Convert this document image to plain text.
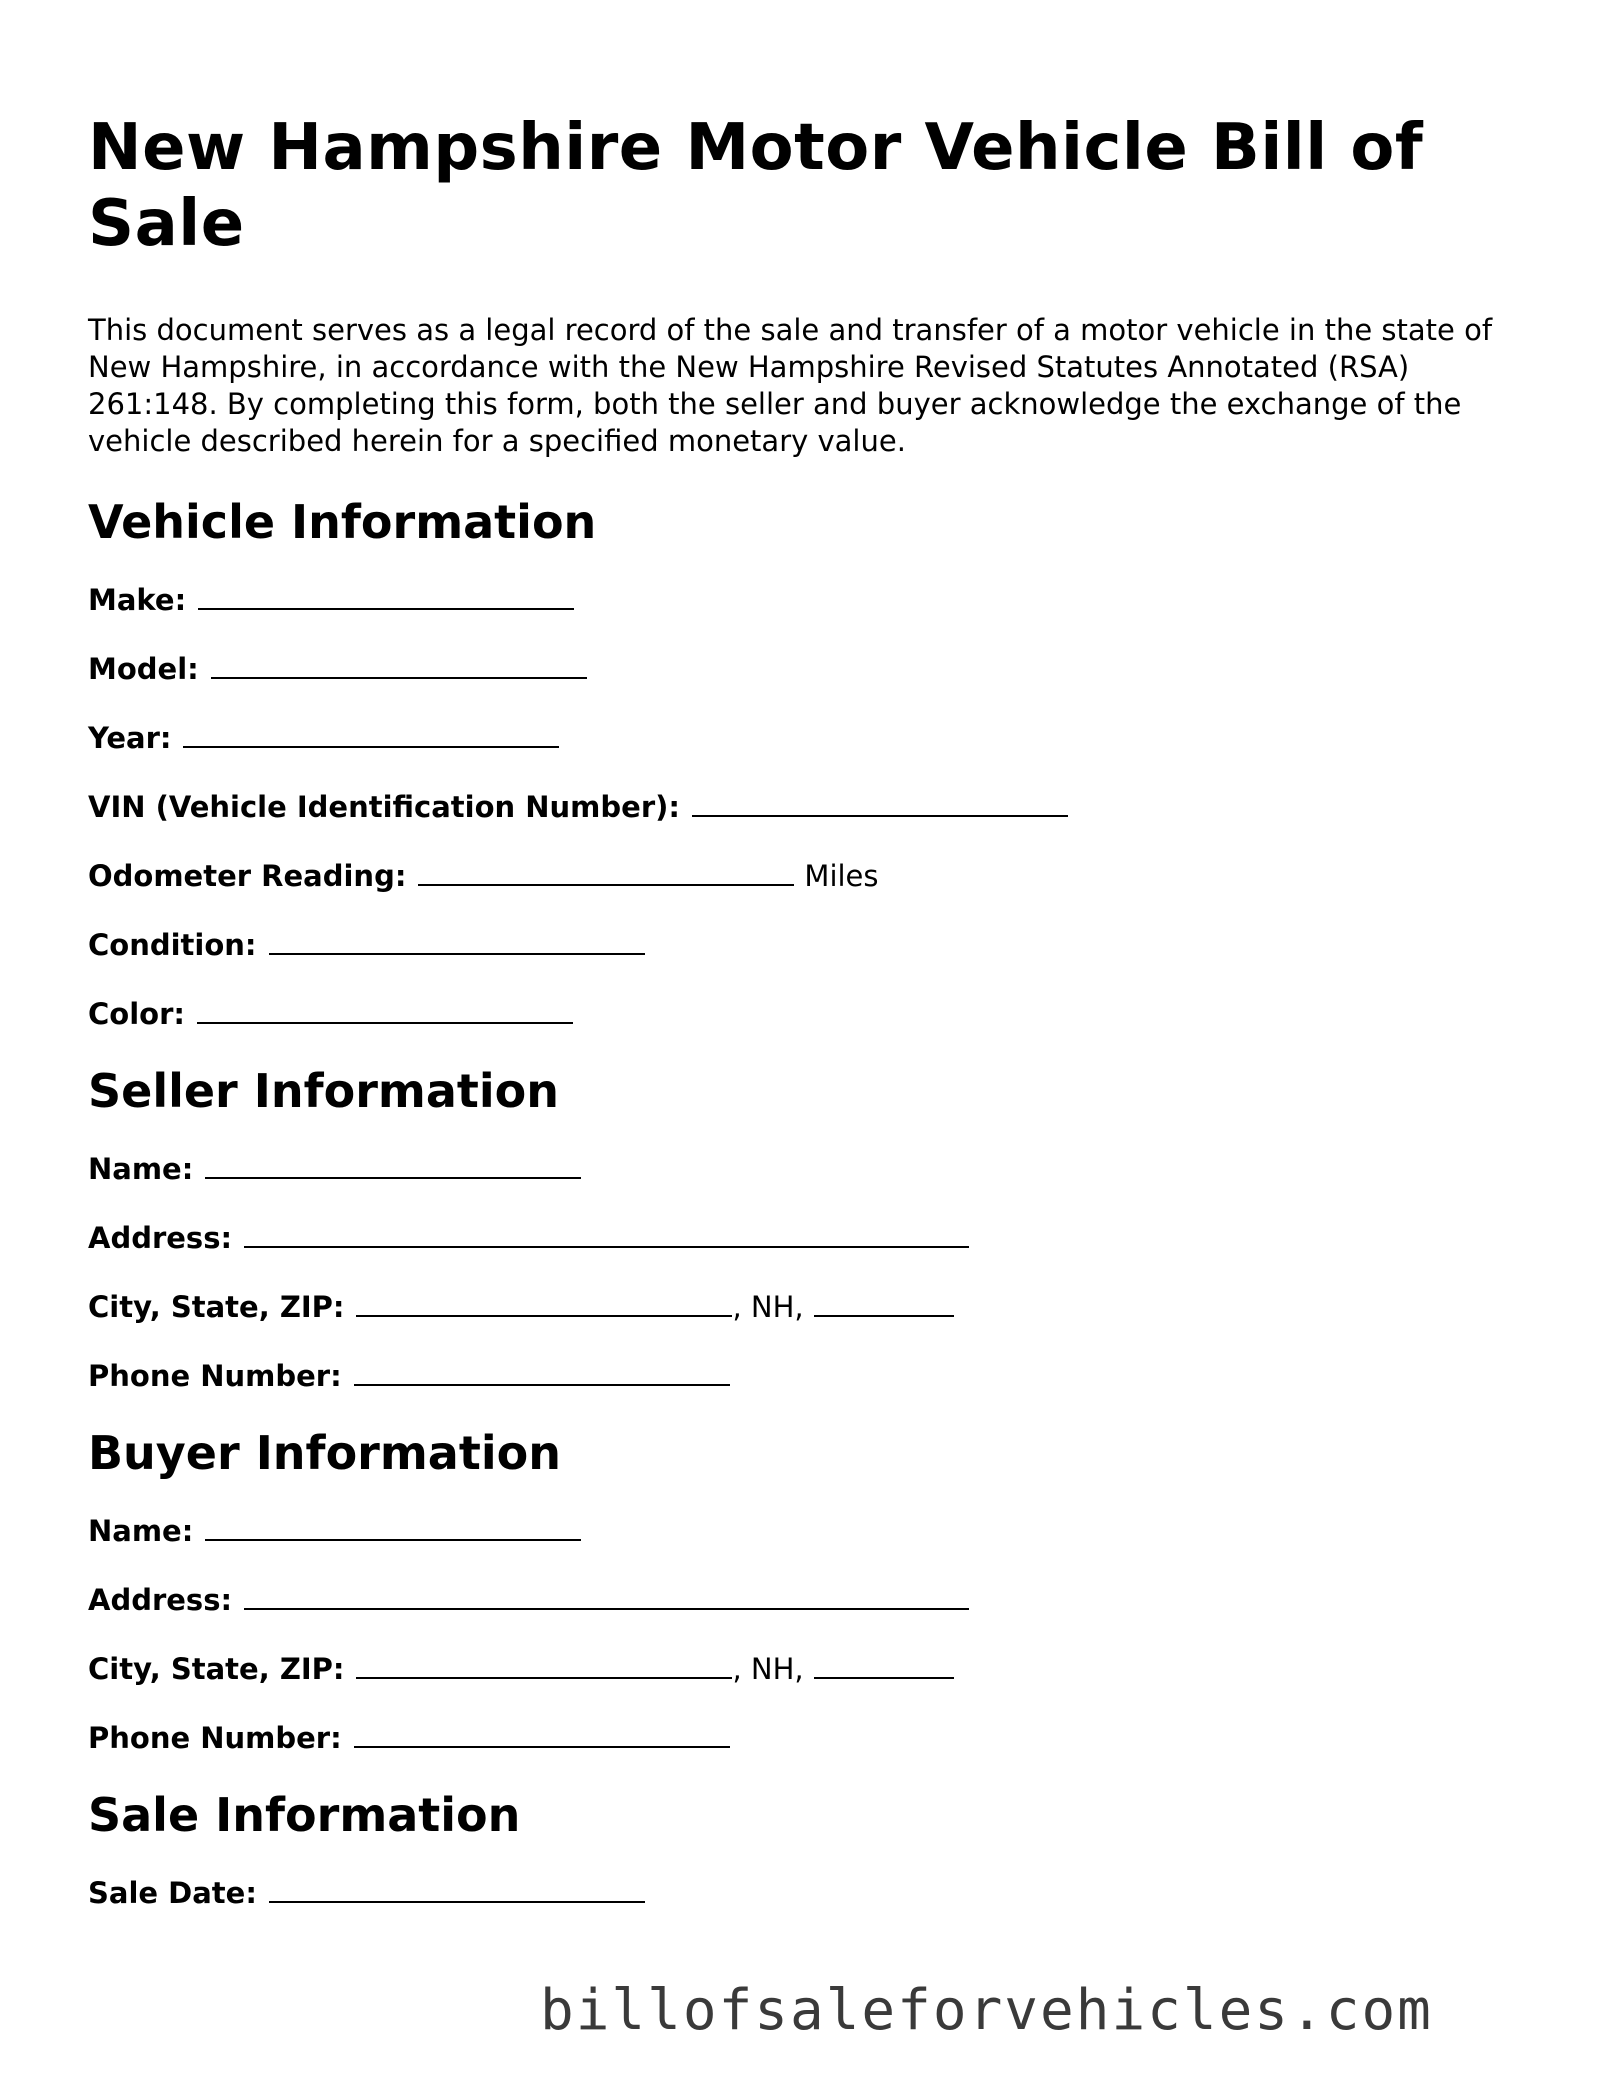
New Hampshire Motor Vehicle Bill of Sale

This document serves as a legal record of the sale and transfer of a motor vehicle in the state of New Hampshire, in accordance with the New Hampshire Revised Statutes Annotated (RSA) 261:148. By completing this form, both the seller and buyer acknowledge the exchange of the vehicle described herein for a specified monetary value.

Vehicle Information
Make:
Model:
Year:
VIN (Vehicle Identification Number):
Odometer Reading:	Miles
Condition:
Color:
Seller Information
Name:
Address:
City, State, ZIP:	, NH,
Phone Number:
Buyer Information
Name:
Address:
City, State, ZIP:	, NH,
Phone Number:
Sale Information
Sale Date:
billofsaleforvehicles.com
